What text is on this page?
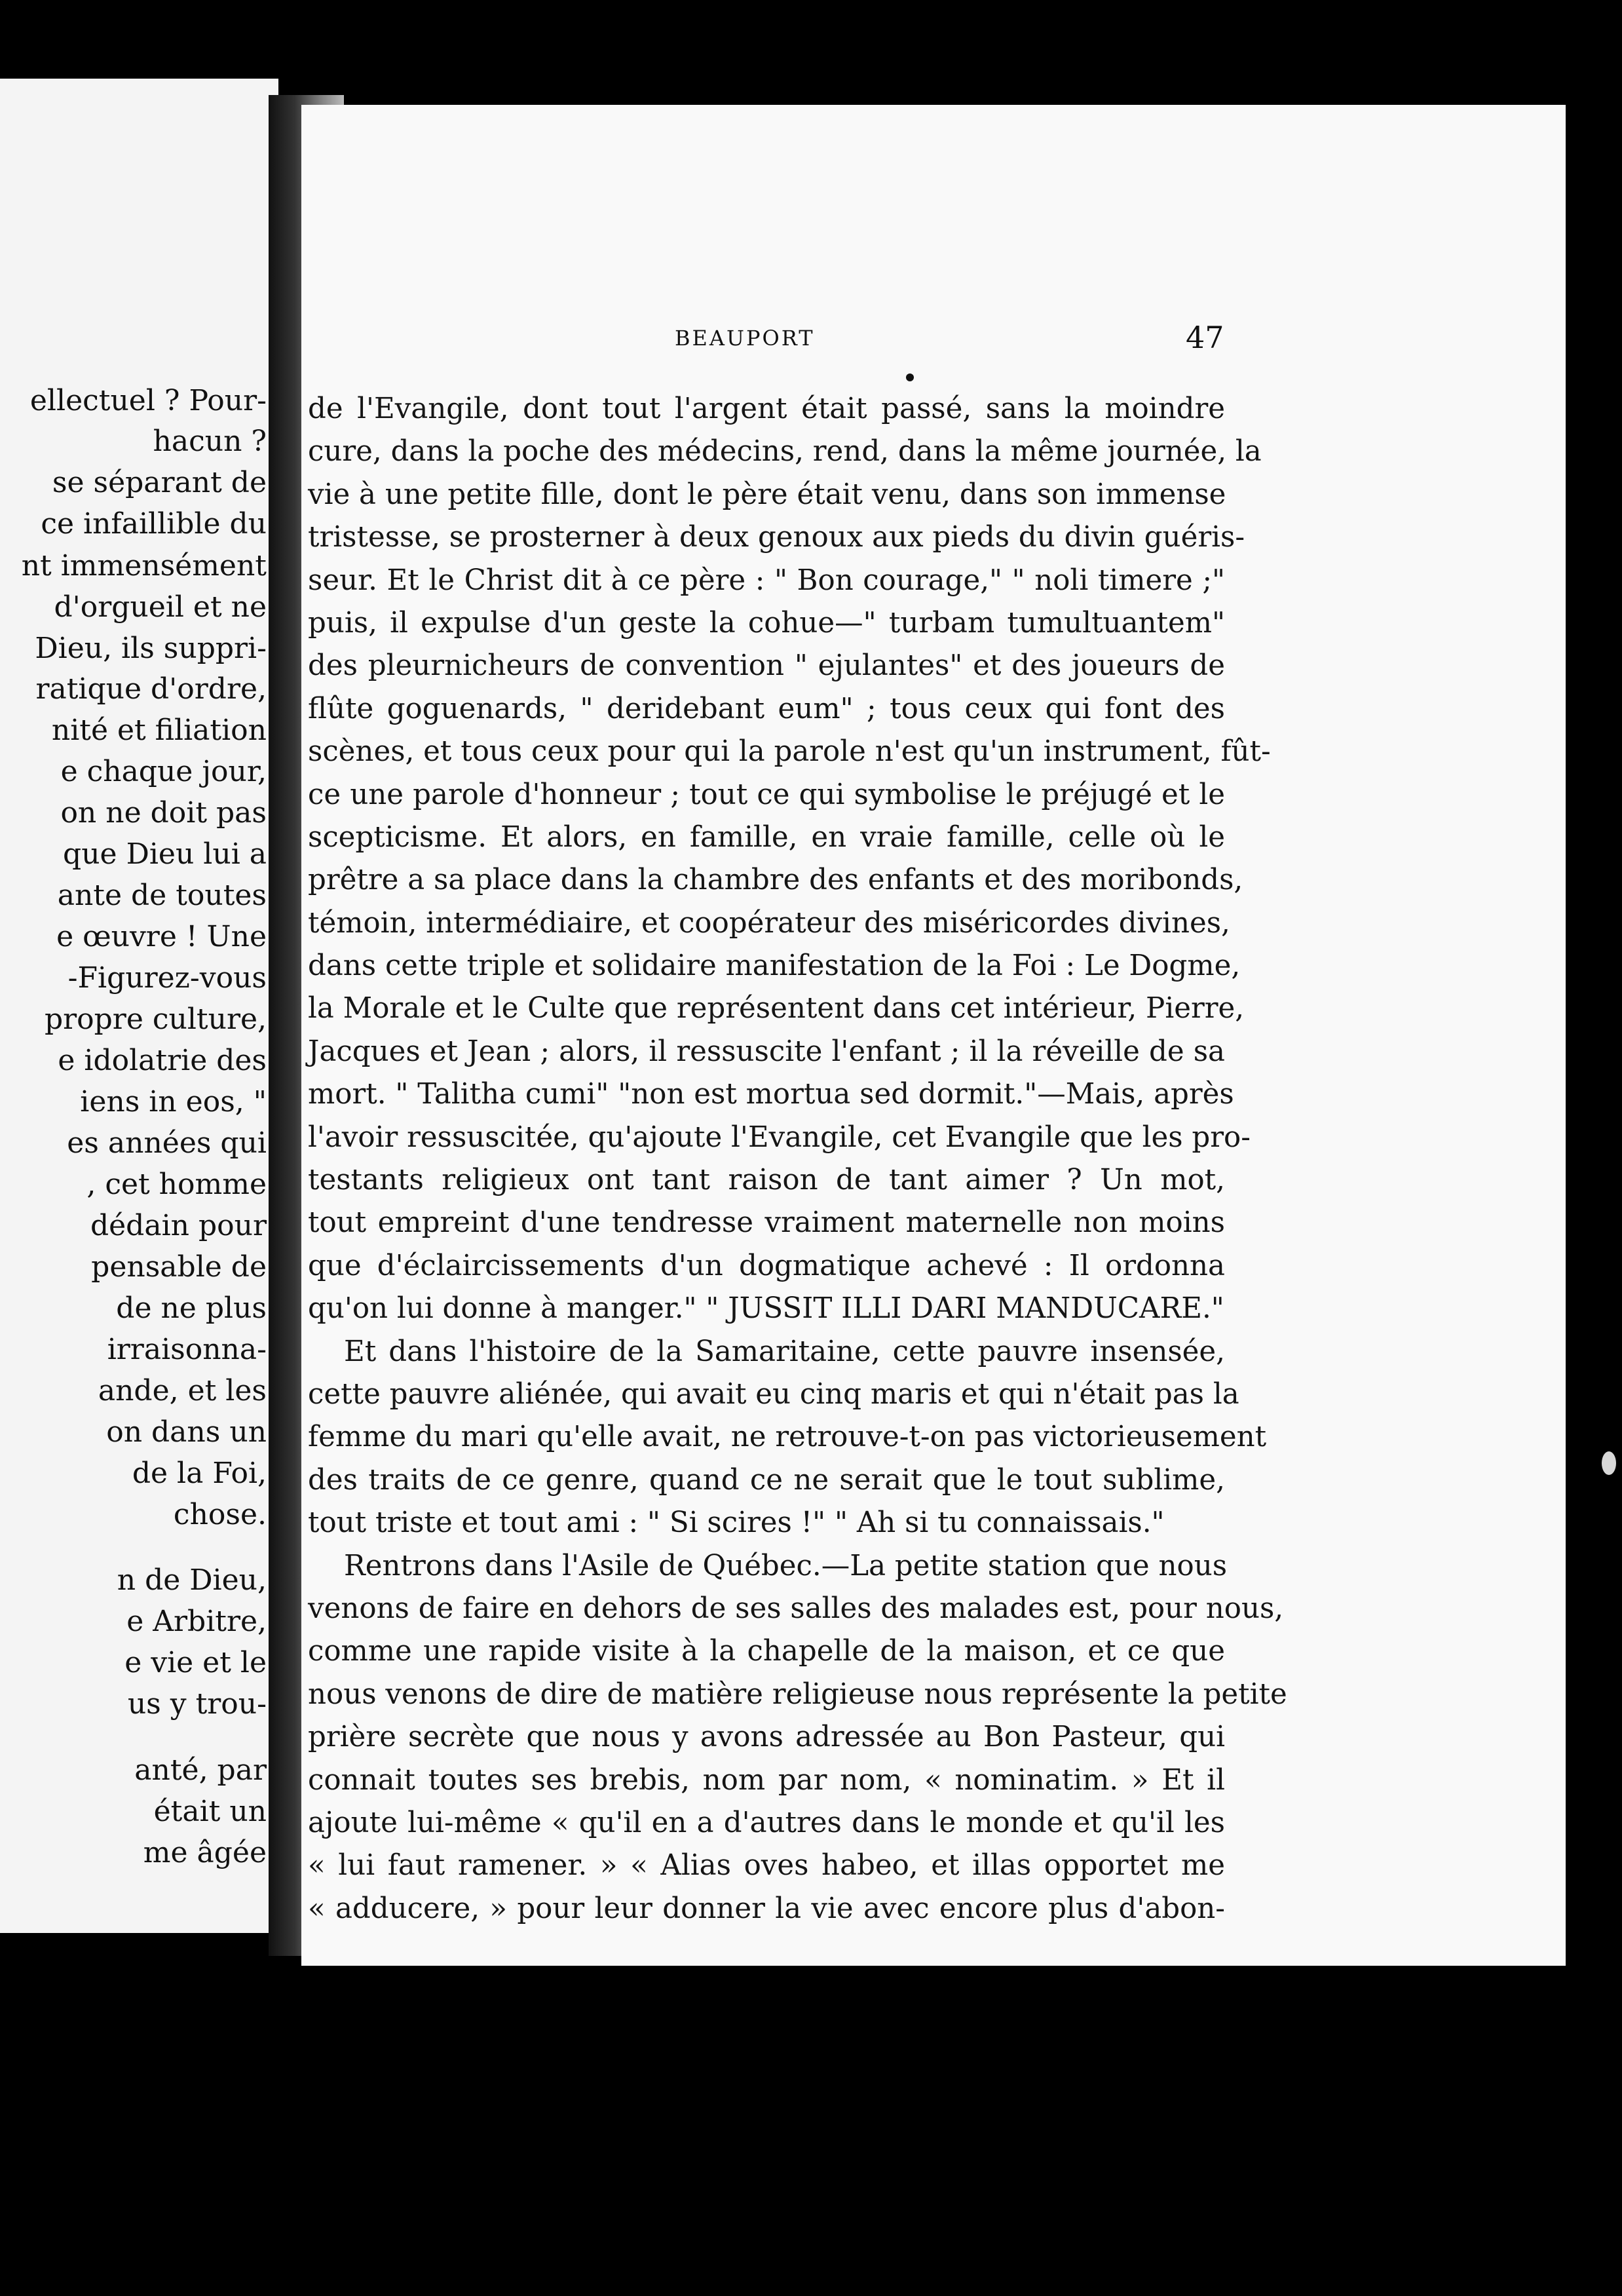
ellectuel ? Pour-
hacun ?
se séparant de
ce infaillible du
nt immensément
d'orgueil et ne
Dieu, ils suppri-
ratique d'ordre,
nité et filiation
e chaque jour,
on ne doit pas
que Dieu lui a
ante de toutes
e œuvre ! Une
-Figurez-vous
propre culture,
e idolatrie des
iens in eos, "
es années qui
, cet homme
dédain pour
pensable de
de ne plus
irraisonna-
ande, et les
on dans un
de la Foi,
chose.
n de Dieu,
e Arbitre,
e vie et le
us y trou-
anté, par
était un
me âgée
BEAUPORT	47
de l'Evangile, dont tout l'argent était passé, sans la moindre
cure, dans la poche des médecins, rend, dans la même journée, la
vie à une petite fille, dont le père était venu, dans son immense
tristesse, se prosterner à deux genoux aux pieds du divin guéris-
seur. Et le Christ dit à ce père : " Bon courage," " noli timere ;"
puis, il expulse d'un geste la cohue—" turbam tumultuantem"
des pleurnicheurs de convention " ejulantes" et des joueurs de
flûte goguenards, " deridebant eum" ; tous ceux qui font des
scènes, et tous ceux pour qui la parole n'est qu'un instrument, fût-
ce une parole d'honneur ; tout ce qui symbolise le préjugé et le
scepticisme. Et alors, en famille, en vraie famille, celle où le
prêtre a sa place dans la chambre des enfants et des moribonds,
témoin, intermédiaire, et coopérateur des miséricordes divines,
dans cette triple et solidaire manifestation de la Foi : Le Dogme,
la Morale et le Culte que représentent dans cet intérieur, Pierre,
Jacques et Jean ; alors, il ressuscite l'enfant ; il la réveille de sa
mort. " Talitha cumi" "non est mortua sed dormit."—Mais, après
l'avoir ressuscitée, qu'ajoute l'Evangile, cet Evangile que les pro-
testants religieux ont tant raison de tant aimer ? Un mot,
tout empreint d'une tendresse vraiment maternelle non moins
que d'éclaircissements d'un dogmatique achevé : Il ordonna
qu'on lui donne à manger." " JUSSIT ILLI DARI MANDUCARE."
Et dans l'histoire de la Samaritaine, cette pauvre insensée,
cette pauvre aliénée, qui avait eu cinq maris et qui n'était pas la
femme du mari qu'elle avait, ne retrouve-t-on pas victorieusement
des traits de ce genre, quand ce ne serait que le tout sublime,
tout triste et tout ami : " Si scires !" " Ah si tu connaissais."
Rentrons dans l'Asile de Québec.—La petite station que nous
venons de faire en dehors de ses salles des malades est, pour nous,
comme une rapide visite à la chapelle de la maison, et ce que
nous venons de dire de matière religieuse nous représente la petite
prière secrète que nous y avons adressée au Bon Pasteur, qui
connait toutes ses brebis, nom par nom, « nominatim. » Et il
ajoute lui-même « qu'il en a d'autres dans le monde et qu'il les
« lui faut ramener. » « Alias oves habeo, et illas opportet me
« adducere, » pour leur donner la vie avec encore plus d'abon-
